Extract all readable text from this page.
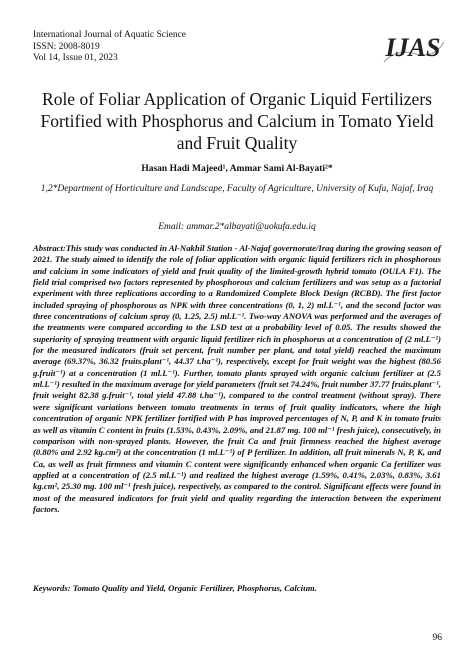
International Journal of Aquatic Science
ISSN: 2008-8019
Vol 14, Issue 01, 2023	IJAS
Role of Foliar Application of Organic Liquid Fertilizers Fortified with Phosphorus and Calcium in Tomato Yield and Fruit Quality
Hasan Hadi Majeed¹, Ammar Sami Al-Bayati²*
1,2*Department of Horticulture and Landscape, Faculty of Agriculture, University of Kufa, Najaf, Iraq
Email: ammar.2*albayati@uokufa.edu.iq
Abstract:This study was conducted in Al-Nakhil Station - Al-Najaf governorate/Iraq during the growing season of 2021. The study aimed to identify the role of foliar application with organic liquid fertilizers rich in phosphorous and calcium in some indicators of yield and fruit quality of the limited-growth hybrid tomato (OULA F1). The field trial comprised two factors represented by phosphorous and calcium fertilizers and was setup as a factorial experiment with three replications according to a Randomized Complete Block Design (RCBD). The first factor included spraying of phosphorous as NPK with three concentrations (0, 1, 2) ml.L⁻¹, and the second factor was three concentrations of calcium spray (0, 1.25, 2.5) ml.L⁻¹. Two-way ANOVA was performed and the averages of the treatments were compared according to the LSD test at a probability level of 0.05. The results showed the superiority of spraying treatment with organic liquid fertilizer rich in phosphorus at a concentration of (2 ml.L⁻¹) for the measured indicators (fruit set percent, fruit number per plant, and total yield) reached the maximum average (69.37%, 36.32 fruits.plant⁻¹, 44.37 t.ha⁻¹), respectively, except for fruit weight was the highest (80.56 g.fruit⁻¹) at a concentration (1 ml.L⁻¹). Further, tomato plants sprayed with organic calcium fertilizer at (2.5 ml.L⁻¹) resulted in the maximum average for yield parameters (fruit set 74.24%, fruit number 37.77 fruits.plant⁻¹, fruit weight 82.38 g.fruit⁻¹, total yield 47.88 t.ha⁻¹), compared to the control treatment (without spray). There were significant variations between tomato treatments in terms of fruit quality indicators, where the high concentration of organic NPK fertilizer fortified with P has improved percentages of N, P, and K in tomato fruits as well as vitamin C content in fruits (1.53%, 0.43%, 2.09%, and 21.87 mg. 100 ml⁻¹ fresh juice), consecutively, in comparison with non-sprayed plants. However, the fruit Ca and fruit firmness reached the highest average (0.80% and 2.92 kg.cm²) at the concentration (1 ml.L⁻¹) of P fertilizer. In addition, all fruit minerals N, P, K, and Ca, as well as fruit firmness and vitamin C content were significantly enhanced when organic Ca fertilizer was applied at a concentration of (2.5 ml.L⁻¹) and realized the highest average (1.59%, 0.41%, 2.03%, 0.83%, 3.61 kg.cm², 25.30 mg. 100 ml⁻¹ fresh juice), respectively, as compared to the control. Significant effects were found in most of the measured indicators for fruit yield and quality regarding the interaction between the experiment factors.
Keywords: Tomato Quality and Yield, Organic Fertilizer, Phosphorus, Calcium.
96
